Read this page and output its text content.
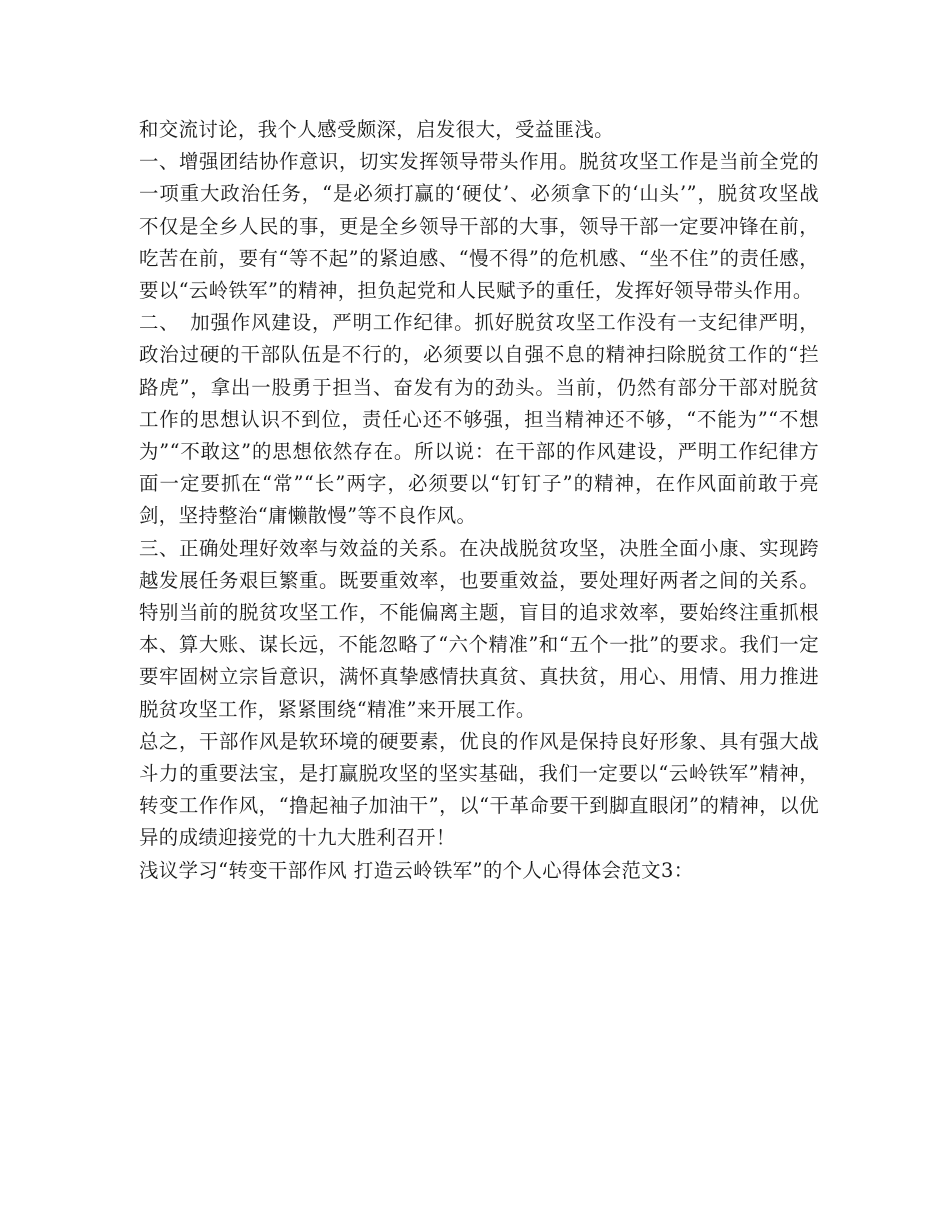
和交流讨论，我个人感受颇深，启发很大，受益匪浅。

一、增强团结协作意识，切实发挥领导带头作用。脱贫攻坚工作是当前全党的一项重大政治任务，“是必须打赢的‘硬仗’、必须拿下的‘山头’”，脱贫攻坚战不仅是全乡人民的事，更是全乡领导干部的大事，领导干部一定要冲锋在前，吃苦在前，要有“等不起”的紧迫感、“慢不得”的危机感、“坐不住”的责任感，要以“云岭铁军”的精神，担负起党和人民赋予的重任，发挥好领导带头作用。

二、　加强作风建设，严明工作纪律。抓好脱贫攻坚工作没有一支纪律严明，政治过硬的干部队伍是不行的，必须要以自强不息的精神扫除脱贫工作的“拦路虎”，拿出一股勇于担当、奋发有为的劲头。当前，仍然有部分干部对脱贫工作的思想认识不到位，责任心还不够强，担当精神还不够，“不能为”“不想为”“不敢这”的思想依然存在。所以说：在干部的作风建设，严明工作纪律方面一定要抓在“常”“长”两字，必须要以“钉钉子”的精神，在作风面前敢于亮剑，坚持整治“庸懒散慢”等不良作风。

三、正确处理好效率与效益的关系。在决战脱贫攻坚，决胜全面小康、实现跨越发展任务艰巨繁重。既要重效率，也要重效益，要处理好两者之间的关系。特别当前的脱贫攻坚工作，不能偏离主题，盲目的追求效率，要始终注重抓根本、算大账、谋长远，不能忽略了“六个精准”和“五个一批”的要求。我们一定要牢固树立宗旨意识，满怀真挚感情扶真贫、真扶贫，用心、用情、用力推进脱贫攻坚工作，紧紧围绕“精准”来开展工作。

总之，干部作风是软环境的硬要素，优良的作风是保持良好形象、具有强大战斗力的重要法宝，是打赢脱攻坚的坚实基础，我们一定要以“云岭铁军”精神，转变工作作风，“撸起袖子加油干”，以“干革命要干到脚直眼闭”的精神，以优异的成绩迎接党的十九大胜利召开！

浅议学习“转变干部作风 打造云岭铁军”的个人心得体会范文3：
